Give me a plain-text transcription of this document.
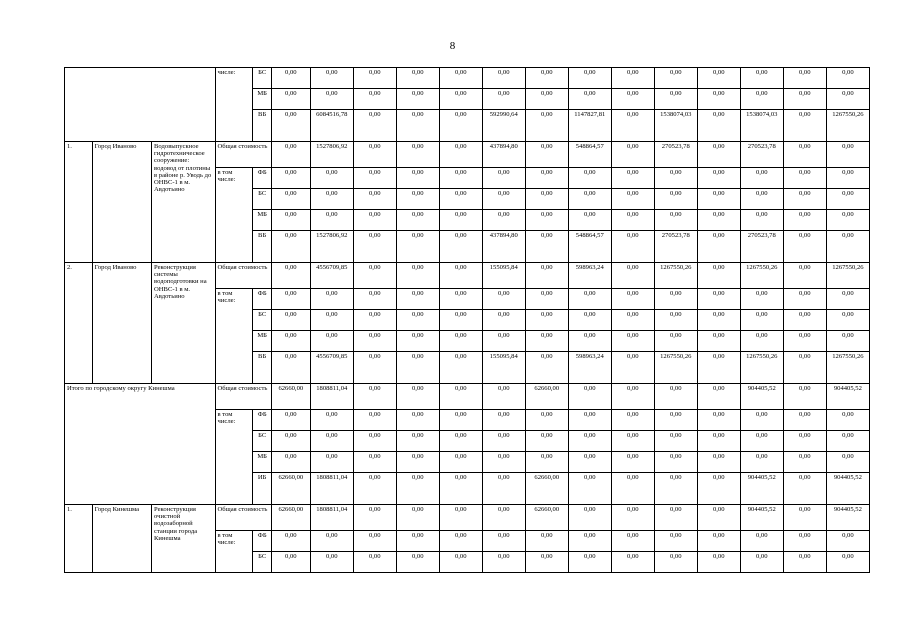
8
			числе:	БС	0,00	0,00	0,00	0,00	0,00	0,00	0,00	0,00	0,00	0,00	0,00	0,00	0,00	0,00
				МБ	0,00	0,00	0,00	0,00	0,00	0,00	0,00	0,00	0,00	0,00	0,00	0,00	0,00	0,00
				ВБ	0,00	6084516,78	0,00	0,00	0,00	592990,64	0,00	1147827,81	0,00	1538074,03	0,00	1538074,03	0,00	1267550,26
1.	Город Иваново	Водовыпускное гидротехническое сооружение: водовод от плотины в районе р. Уводь до ОНВС-1 в м. Авдотьино	Общая стоимость		0,00	1527806,92	0,00	0,00	0,00	437894,80	0,00	548864,57	0,00	270523,78	0,00	270523,78	0,00	0,00
			в том числе:	ФБ	0,00	0,00	0,00	0,00	0,00	0,00	0,00	0,00	0,00	0,00	0,00	0,00	0,00	0,00
				БС	0,00	0,00	0,00	0,00	0,00	0,00	0,00	0,00	0,00	0,00	0,00	0,00	0,00	0,00
				МБ	0,00	0,00	0,00	0,00	0,00	0,00	0,00	0,00	0,00	0,00	0,00	0,00	0,00	0,00
				ВБ	0,00	1527806,92	0,00	0,00	0,00	437894,80	0,00	548864,57	0,00	270523,78	0,00	270523,78	0,00	0,00
2.	Город Иваново	Реконструкция системы водоподготовки на ОНВС-1 в м. Авдотьино	Общая стоимость		0,00	4556709,85	0,00	0,00	0,00	155095,84	0,00	598963,24	0,00	1267550,26	0,00	1267550,26	0,00	1267550,26
			в том числе:	ФБ	0,00	0,00	0,00	0,00	0,00	0,00	0,00	0,00	0,00	0,00	0,00	0,00	0,00	0,00
				БС	0,00	0,00	0,00	0,00	0,00	0,00	0,00	0,00	0,00	0,00	0,00	0,00	0,00	0,00
				МБ	0,00	0,00	0,00	0,00	0,00	0,00	0,00	0,00	0,00	0,00	0,00	0,00	0,00	0,00
				ВБ	0,00	4556709,85	0,00	0,00	0,00	155095,84	0,00	598963,24	0,00	1267550,26	0,00	1267550,26	0,00	1267550,26
Итого по городскому округу Кинешма			Общая стоимость		62660,00	1808811,04	0,00	0,00	0,00	0,00	62660,00	0,00	0,00	0,00	0,00	904405,52	0,00	904405,52
			в том числе:	ФБ	0,00	0,00	0,00	0,00	0,00	0,00	0,00	0,00	0,00	0,00	0,00	0,00	0,00	0,00
				БС	0,00	0,00	0,00	0,00	0,00	0,00	0,00	0,00	0,00	0,00	0,00	0,00	0,00	0,00
				МБ	0,00	0,00	0,00	0,00	0,00	0,00	0,00	0,00	0,00	0,00	0,00	0,00	0,00	0,00
				ИБ	62660,00	1808811,04	0,00	0,00	0,00	0,00	62660,00	0,00	0,00	0,00	0,00	904405,52	0,00	904405,52
1.	Город Кинешма	Реконструкция очистной водозаборной станции города Кинешма	Общая стоимость		62660,00	1808811,04	0,00	0,00	0,00	0,00	62660,00	0,00	0,00	0,00	0,00	904405,52	0,00	904405,52
			в том числе:	ФБ	0,00	0,00	0,00	0,00	0,00	0,00	0,00	0,00	0,00	0,00	0,00	0,00	0,00	0,00
				БС	0,00	0,00	0,00	0,00	0,00	0,00	0,00	0,00	0,00	0,00	0,00	0,00	0,00	0,00
